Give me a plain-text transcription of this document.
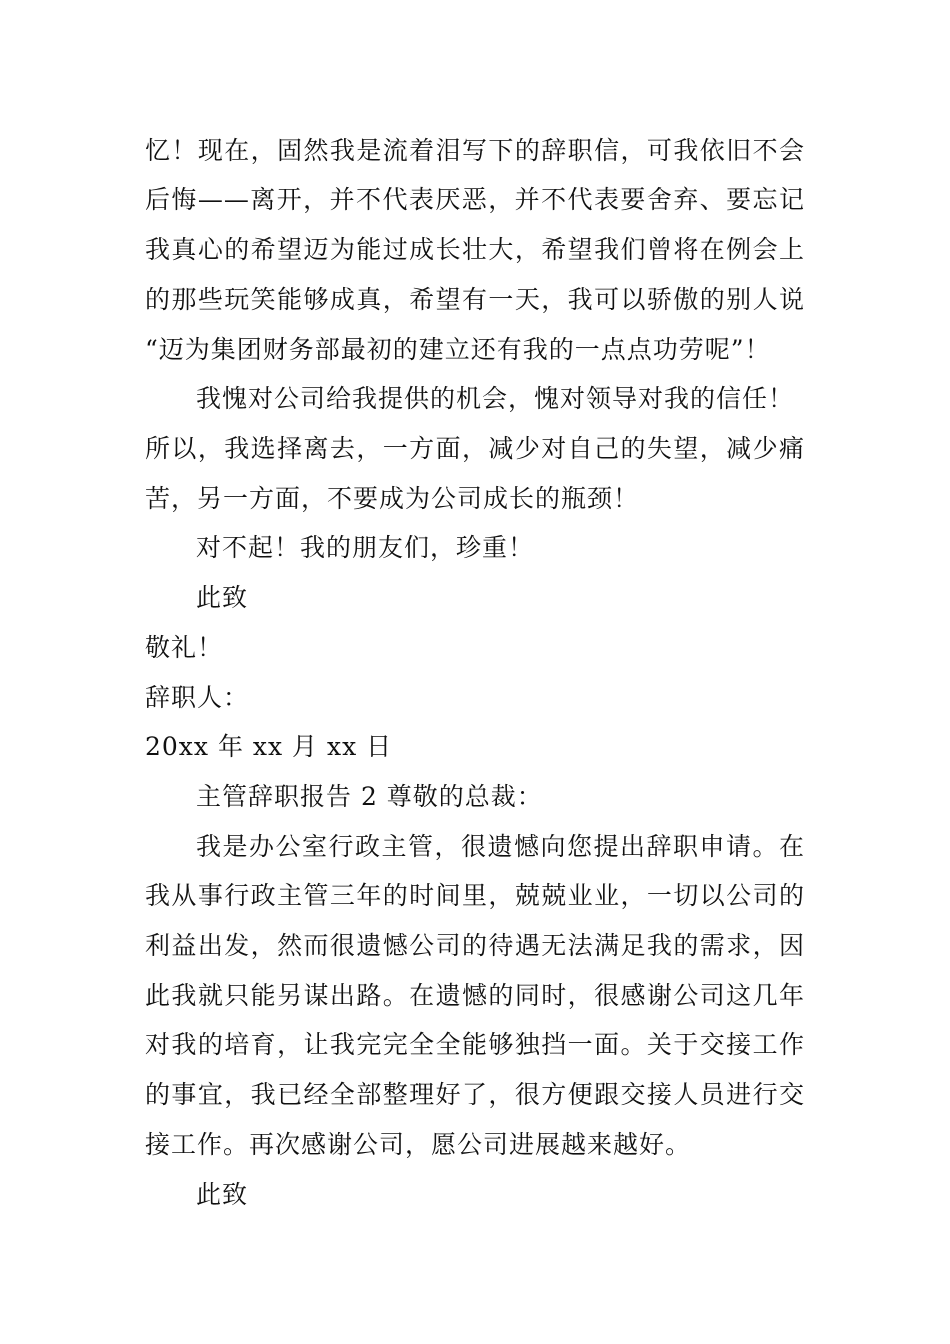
忆！现在，固然我是流着泪写下的辞职信，可我依旧不会
后悔——离开，并不代表厌恶，并不代表要舍弃、要忘记
我真心的希望迈为能过成长壮大，希望我们曾将在例会上
的那些玩笑能够成真，希望有一天，我可以骄傲的别人说
“迈为集团财务部最初的建立还有我的一点点功劳呢”！
我愧对公司给我提供的机会，愧对领导对我的信任！
所以，我选择离去，一方面，减少对自己的失望，减少痛
苦，另一方面，不要成为公司成长的瓶颈！
对不起！我的朋友们，珍重！
此致
敬礼！
辞职人：
20xx 年 xx 月 xx 日
主管辞职报告 2 尊敬的总裁：
我是办公室行政主管，很遗憾向您提出辞职申请。在
我从事行政主管三年的时间里，兢兢业业，一切以公司的
利益出发，然而很遗憾公司的待遇无法满足我的需求，因
此我就只能另谋出路。在遗憾的同时，很感谢公司这几年
对我的培育，让我完完全全能够独挡一面。关于交接工作
的事宜，我已经全部整理好了，很方便跟交接人员进行交
接工作。再次感谢公司，愿公司进展越来越好。
此致
